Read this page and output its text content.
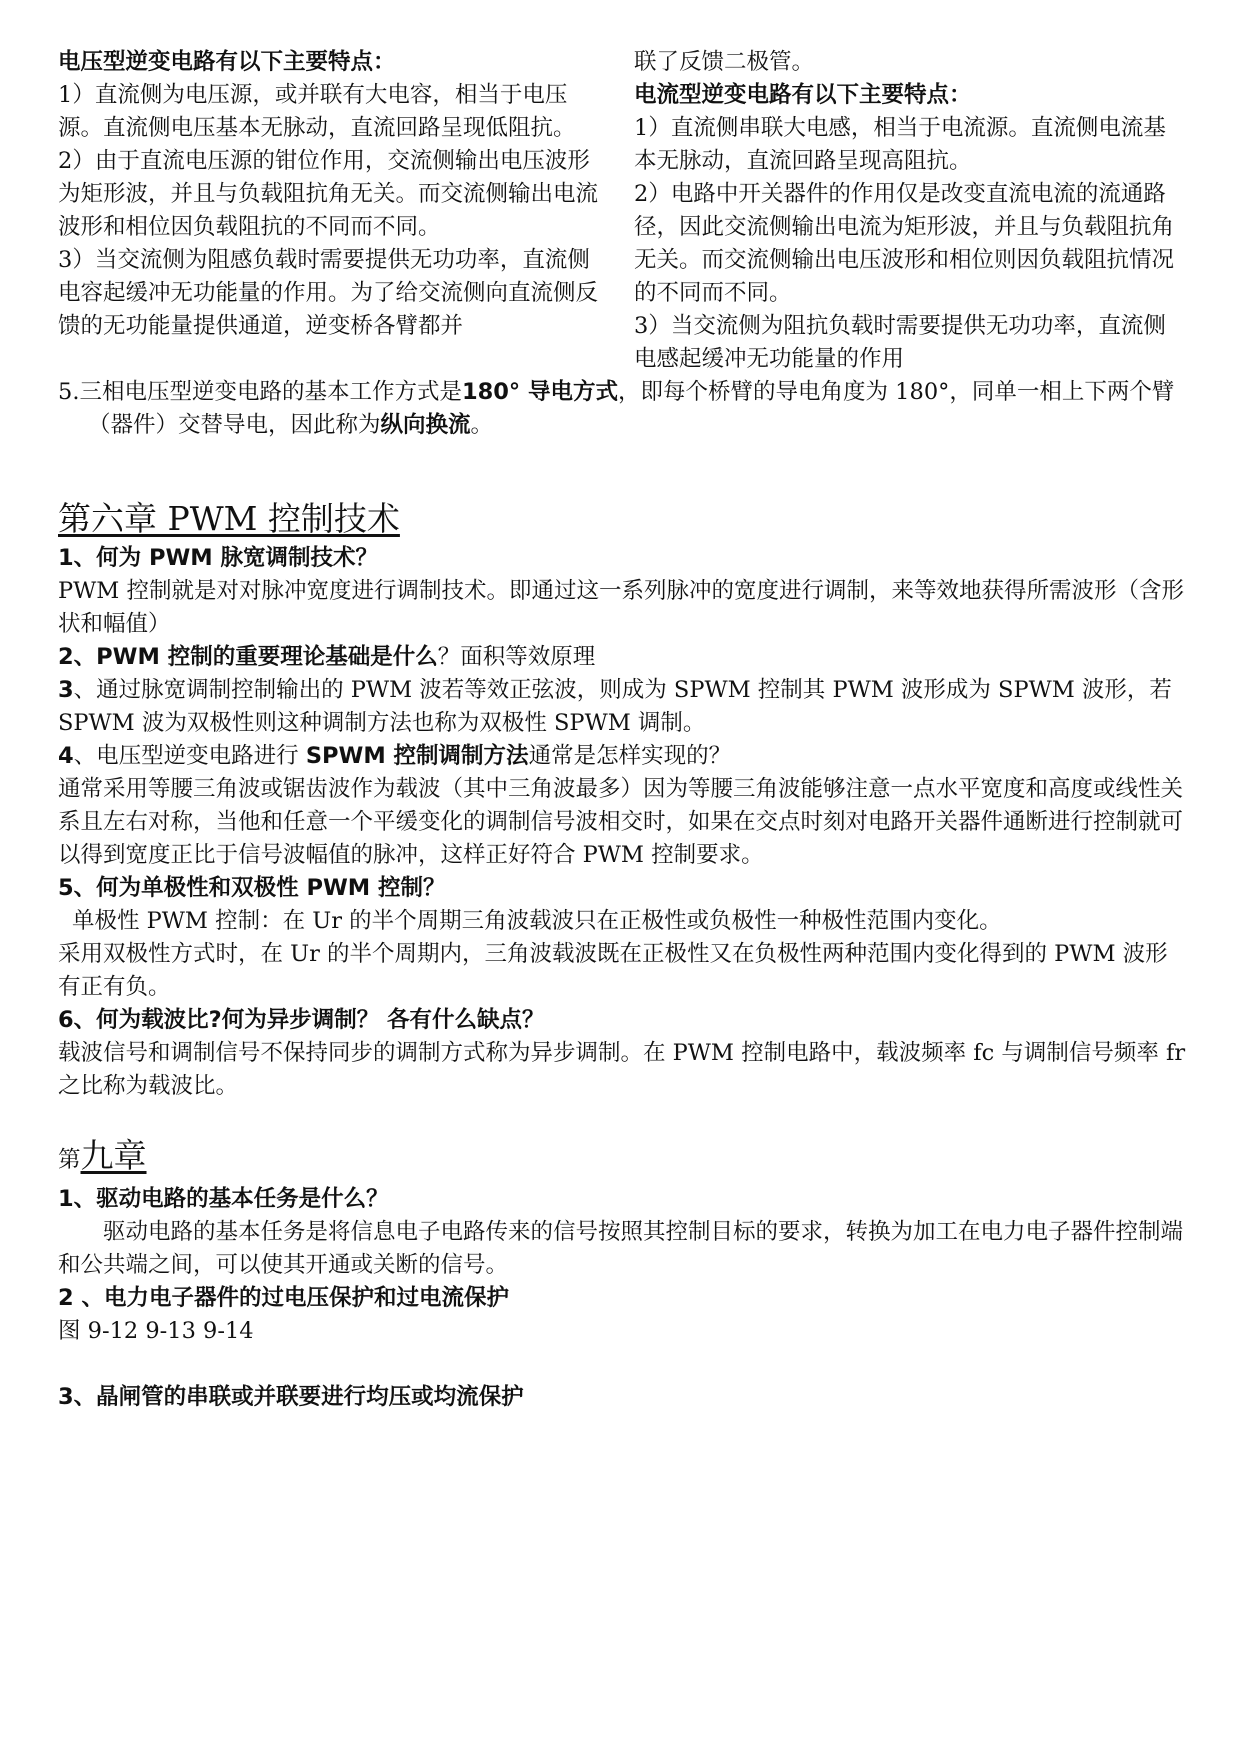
电压型逆变电路有以下主要特点：

1）直流侧为电压源，或并联有大电容，相当于电压源。直流侧电压基本无脉动，直流回路呈现低阻抗。

2）由于直流电压源的钳位作用，交流侧输出电压波形为矩形波，并且与负载阻抗角无关。而交流侧输出电流波形和相位因负载阻抗的不同而不同。

3）当交流侧为阻感负载时需要提供无功功率，直流侧电容起缓冲无功能量的作用。为了给交流侧向直流侧反馈的无功能量提供通道，逆变桥各臂都并

联了反馈二极管。

电流型逆变电路有以下主要特点：

1）直流侧串联大电感，相当于电流源。直流侧电流基本无脉动，直流回路呈现高阻抗。

2）电路中开关器件的作用仅是改变直流电流的流通路径，因此交流侧输出电流为矩形波，并且与负载阻抗角无关。而交流侧输出电压波形和相位则因负载阻抗情况的不同而不同。

3）当交流侧为阻抗负载时需要提供无功功率，直流侧电感起缓冲无功能量的作用

5.三相电压型逆变电路的基本工作方式是180° 导电方式，即每个桥臂的导电角度为 180°，同单一相上下两个臂（器件）交替导电，因此称为纵向换流。

第六章 PWM 控制技术

1、何为 PWM 脉宽调制技术？

PWM 控制就是对对脉冲宽度进行调制技术。即通过这一系列脉冲的宽度进行调制，来等效地获得所需波形（含形状和幅值）

2、PWM 控制的重要理论基础是什么？面积等效原理

3、通过脉宽调制控制输出的 PWM 波若等效正弦波，则成为 SPWM 控制其 PWM 波形成为 SPWM 波形，若 SPWM 波为双极性则这种调制方法也称为双极性 SPWM 调制。

4、电压型逆变电路进行 SPWM 控制调制方法通常是怎样实现的？

通常采用等腰三角波或锯齿波作为载波（其中三角波最多）因为等腰三角波能够注意一点水平宽度和高度或线性关系且左右对称，当他和任意一个平缓变化的调制信号波相交时，如果在交点时刻对电路开关器件通断进行控制就可以得到宽度正比于信号波幅值的脉冲，这样正好符合 PWM 控制要求。

5、何为单极性和双极性 PWM 控制？

单极性 PWM 控制：在 Ur 的半个周期三角波载波只在正极性或负极性一种极性范围内变化。

采用双极性方式时，在 Ur 的半个周期内，三角波载波既在正极性又在负极性两种范围内变化得到的 PWM 波形有正有负。

6、何为载波比?何为异步调制？ 各有什么缺点？

载波信号和调制信号不保持同步的调制方式称为异步调制。在 PWM 控制电路中，载波频率 fc 与调制信号频率 fr 之比称为载波比。

第九章

1、驱动电路的基本任务是什么？

驱动电路的基本任务是将信息电子电路传来的信号按照其控制目标的要求，转换为加工在电力电子器件控制端和公共端之间，可以使其开通或关断的信号。

2 、电力电子器件的过电压保护和过电流保护

图 9-12 9-13 9-14

3、晶闸管的串联或并联要进行均压或均流保护
